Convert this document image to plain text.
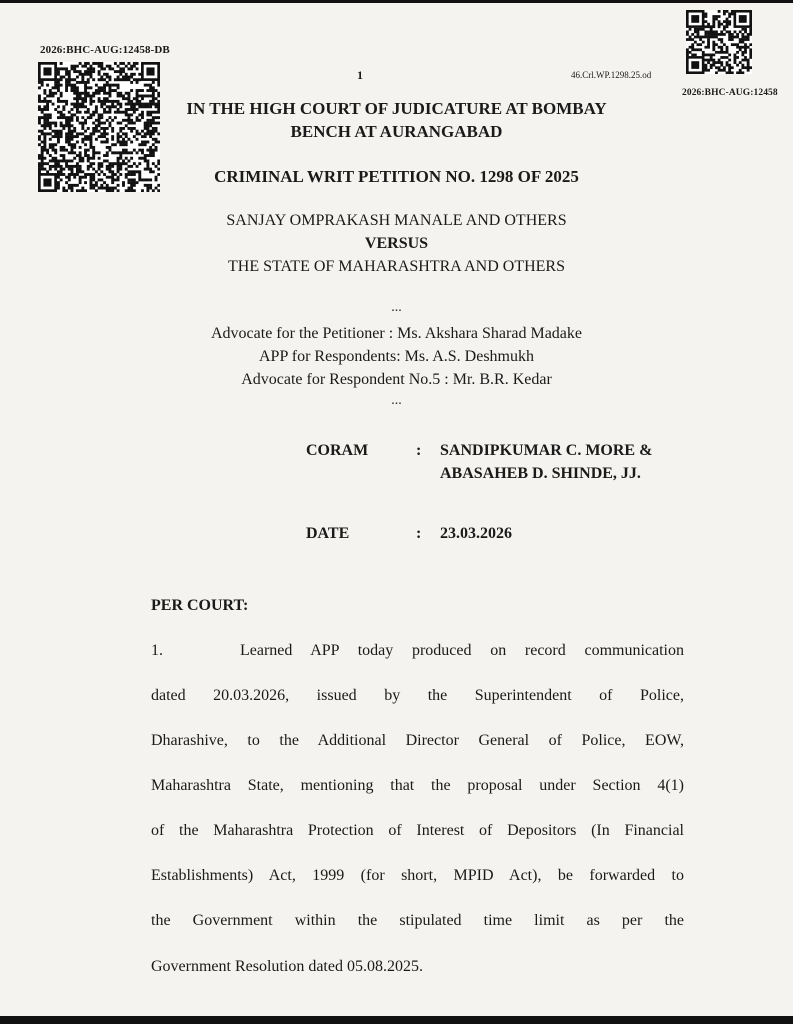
2026:BHC-AUG:12458-DB
1	46.Crl.WP.1298.25.od
2026:BHC-AUG:12458
IN THE HIGH COURT OF JUDICATURE AT BOMBAY
BENCH AT AURANGABAD
CRIMINAL WRIT PETITION NO. 1298 OF 2025
SANJAY OMPRAKASH MANALE AND OTHERS
VERSUS
THE STATE OF MAHARASHTRA AND OTHERS
...
Advocate for the Petitioner : Ms. Akshara Sharad Madake
APP for Respondents: Ms. A.S. Deshmukh
Advocate for Respondent No.5 : Mr. B.R. Kedar
...
CORAM	: SANDIPKUMAR C. MORE &
ABASAHEB D. SHINDE, JJ.
DATE	: 23.03.2026
PER COURT:
1.	Learned APP today produced on record communication
dated 20.03.2026, issued by the Superintendent of Police,
Dharashive, to the Additional Director General of Police, EOW,
Maharashtra State, mentioning that the proposal under Section 4(1)
of the Maharashtra Protection of Interest of Depositors (In Financial
Establishments) Act, 1999 (for short, MPID Act), be forwarded to
the Government within the stipulated time limit as per the
Government Resolution dated 05.08.2025.
